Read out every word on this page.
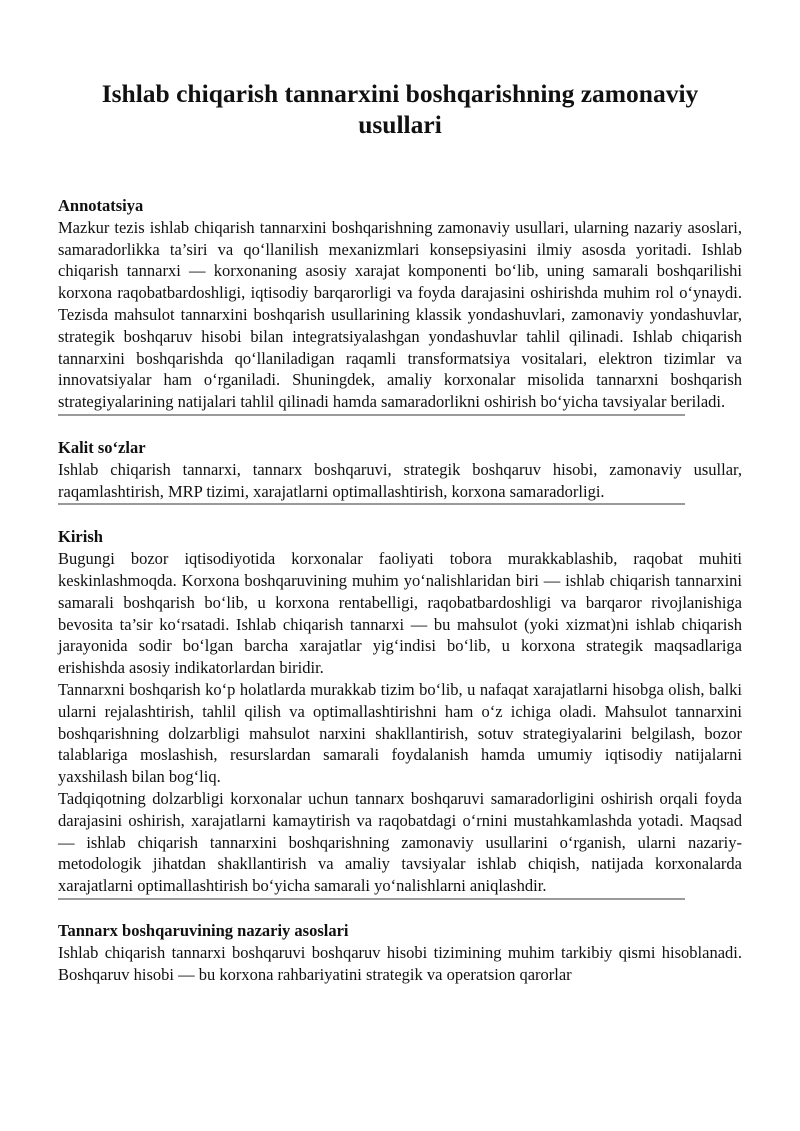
Ishlab chiqarish tannarxini boshqarishning zamonaviy usullari
Annotatsiya

Mazkur tezis ishlab chiqarish tannarxini boshqarishning zamonaviy usullari, ularning nazariy asoslari, samaradorlikka ta’siri va qo‘llanilish mexanizmlari konsepsiyasini ilmiy asosda yoritadi. Ishlab chiqarish tannarxi — korxonaning asosiy xarajat komponenti bo‘lib, uning samarali boshqarilishi korxona raqobatbardoshligi, iqtisodiy barqarorligi va foyda darajasini oshirishda muhim rol o‘ynaydi. Tezisda mahsulot tannarxini boshqarish usullarining klassik yondashuvlari, zamonaviy yondashuvlar, strategik boshqaruv hisobi bilan integratsiyalashgan yondashuvlar tahlil qilinadi. Ishlab chiqarish tannarxini boshqarishda qo‘llaniladigan raqamli transformatsiya vositalari, elektron tizimlar va innovatsiyalar ham o‘rganiladi. Shuningdek, amaliy korxonalar misolida tannarxni boshqarish strategiyalarining natijalari tahlil qilinadi hamda samaradorlikni oshirish bo‘yicha tavsiyalar beriladi.

Kalit so‘zlar

Ishlab chiqarish tannarxi, tannarx boshqaruvi, strategik boshqaruv hisobi, zamonaviy usullar, raqamlashtirish, MRP tizimi, xarajatlarni optimallashtirish, korxona samaradorligi.

Kirish

Bugungi bozor iqtisodiyotida korxonalar faoliyati tobora murakkablashib, raqobat muhiti keskinlashmoqda. Korxona boshqaruvining muhim yo‘nalishlaridan biri — ishlab chiqarish tannarxini samarali boshqarish bo‘lib, u korxona rentabelligi, raqobatbardoshligi va barqaror rivojlanishiga bevosita ta’sir ko‘rsatadi. Ishlab chiqarish tannarxi — bu mahsulot (yoki xizmat)ni ishlab chiqarish jarayonida sodir bo‘lgan barcha xarajatlar yig‘indisi bo‘lib, u korxona strategik maqsadlariga erishishda asosiy indikatorlardan biridir.

Tannarxni boshqarish ko‘p holatlarda murakkab tizim bo‘lib, u nafaqat xarajatlarni hisobga olish, balki ularni rejalashtirish, tahlil qilish va optimallashtirishni ham o‘z ichiga oladi. Mahsulot tannarxini boshqarishning dolzarbligi mahsulot narxini shakllantirish, sotuv strategiyalarini belgilash, bozor talablariga moslashish, resurslardan samarali foydalanish hamda umumiy iqtisodiy natijalarni yaxshilash bilan bog‘liq.

Tadqiqotning dolzarbligi korxonalar uchun tannarx boshqaruvi samaradorligini oshirish orqali foyda darajasini oshirish, xarajatlarni kamaytirish va raqobatdagi o‘rnini mustahkamlashda yotadi. Maqsad — ishlab chiqarish tannarxini boshqarishning zamonaviy usullarini o‘rganish, ularni nazariy-metodologik jihatdan shakllantirish va amaliy tavsiyalar ishlab chiqish, natijada korxonalarda xarajatlarni optimallashtirish bo‘yicha samarali yo‘nalishlarni aniqlashdir.

Tannarx boshqaruvining nazariy asoslari

Ishlab chiqarish tannarxi boshqaruvi boshqaruv hisobi tizimining muhim tarkibiy qismi hisoblanadi. Boshqaruv hisobi — bu korxona rahbariyatini strategik va operatsion qarorlar
